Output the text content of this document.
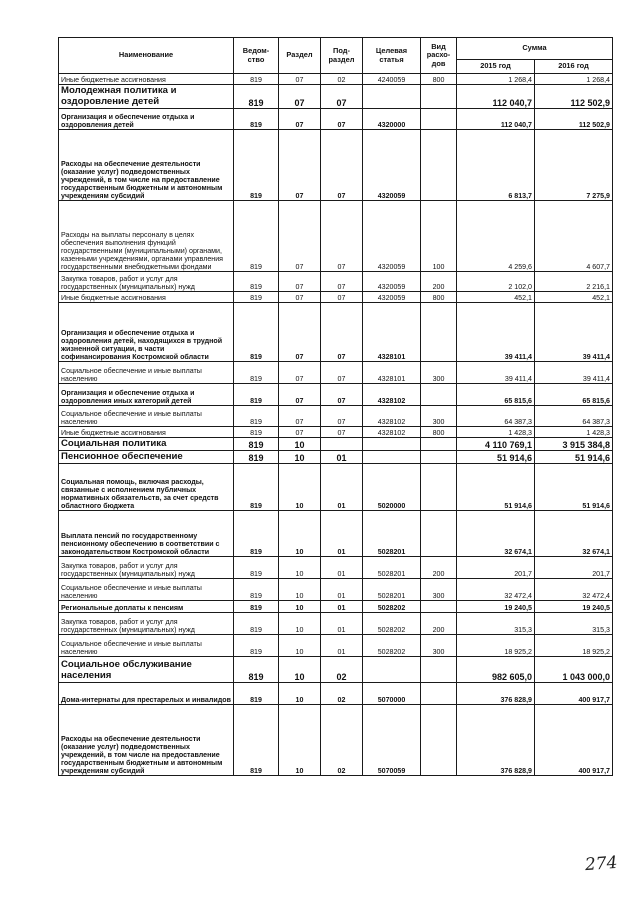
Наименование	Ведом-ство	Раздел	Под-раздел	Целевая статья	Вид расхо-дов	Сумма	
						2015 год	2016 год
Иные бюджетные ассигнования	819	07	02	4240059	800	1 268,4	1 268,4
Молодежная политика и оздоровление детей	819	07	07			112 040,7	112 502,9
Организация и обеспечение отдыха и оздоровления детей	819	07	07	4320000		112 040,7	112 502,9
Расходы на обеспечение деятельности (оказание услуг) подведомственных учреждений, в том числе на предоставление государственным бюджетным и автономным учреждениям субсидий	819	07	07	4320059		6 813,7	7 275,9
Расходы на выплаты персоналу в целях обеспечения выполнения функций государственными (муниципальными) органами, казенными учреждениями, органами управления государственными внебюджетными фондами	819	07	07	4320059	100	4 259,6	4 607,7
Закупка товаров, работ и услуг для государственных (муниципальных) нужд	819	07	07	4320059	200	2 102,0	2 216,1
Иные бюджетные ассигнования	819	07	07	4320059	800	452,1	452,1
Организация и обеспечение отдыха и оздоровления детей, находящихся в трудной жизненной ситуации, в части софинансирования Костромской области	819	07	07	4328101		39 411,4	39 411,4
Социальное обеспечение и иные выплаты населению	819	07	07	4328101	300	39 411,4	39 411,4
Организация и обеспечение отдыха и оздоровления иных категорий детей	819	07	07	4328102		65 815,6	65 815,6
Социальное обеспечение и иные выплаты населению	819	07	07	4328102	300	64 387,3	64 387,3
Иные бюджетные ассигнования	819	07	07	4328102	800	1 428,3	1 428,3
Социальная политика	819	10				4 110 769,1	3 915 384,8
Пенсионное обеспечение	819	10	01			51 914,6	51 914,6
Социальная помощь, включая расходы, связанные с исполнением публичных нормативных обязательств, за счет средств областного бюджета	819	10	01	5020000		51 914,6	51 914,6
Выплата пенсий по государственному пенсионному обеспечению в соответствии с законодательством Костромской области	819	10	01	5028201		32 674,1	32 674,1
Закупка товаров, работ и услуг для государственных (муниципальных) нужд	819	10	01	5028201	200	201,7	201,7
Социальное обеспечение и иные выплаты населению	819	10	01	5028201	300	32 472,4	32 472,4
Региональные доплаты к пенсиям	819	10	01	5028202		19 240,5	19 240,5
Закупка товаров, работ и услуг для государственных (муниципальных) нужд	819	10	01	5028202	200	315,3	315,3
Социальное обеспечение и иные выплаты населению	819	10	01	5028202	300	18 925,2	18 925,2
Социальное обслуживание населения	819	10	02			982 605,0	1 043 000,0
Дома-интернаты для престарелых и инвалидов	819	10	02	5070000		376 828,9	400 917,7
Расходы на обеспечение деятельности (оказание услуг) подведомственных учреждений, в том числе на предоставление государственным бюджетным и автономным учреждениям субсидий	819	10	02	5070059		376 828,9	400 917,7
274
